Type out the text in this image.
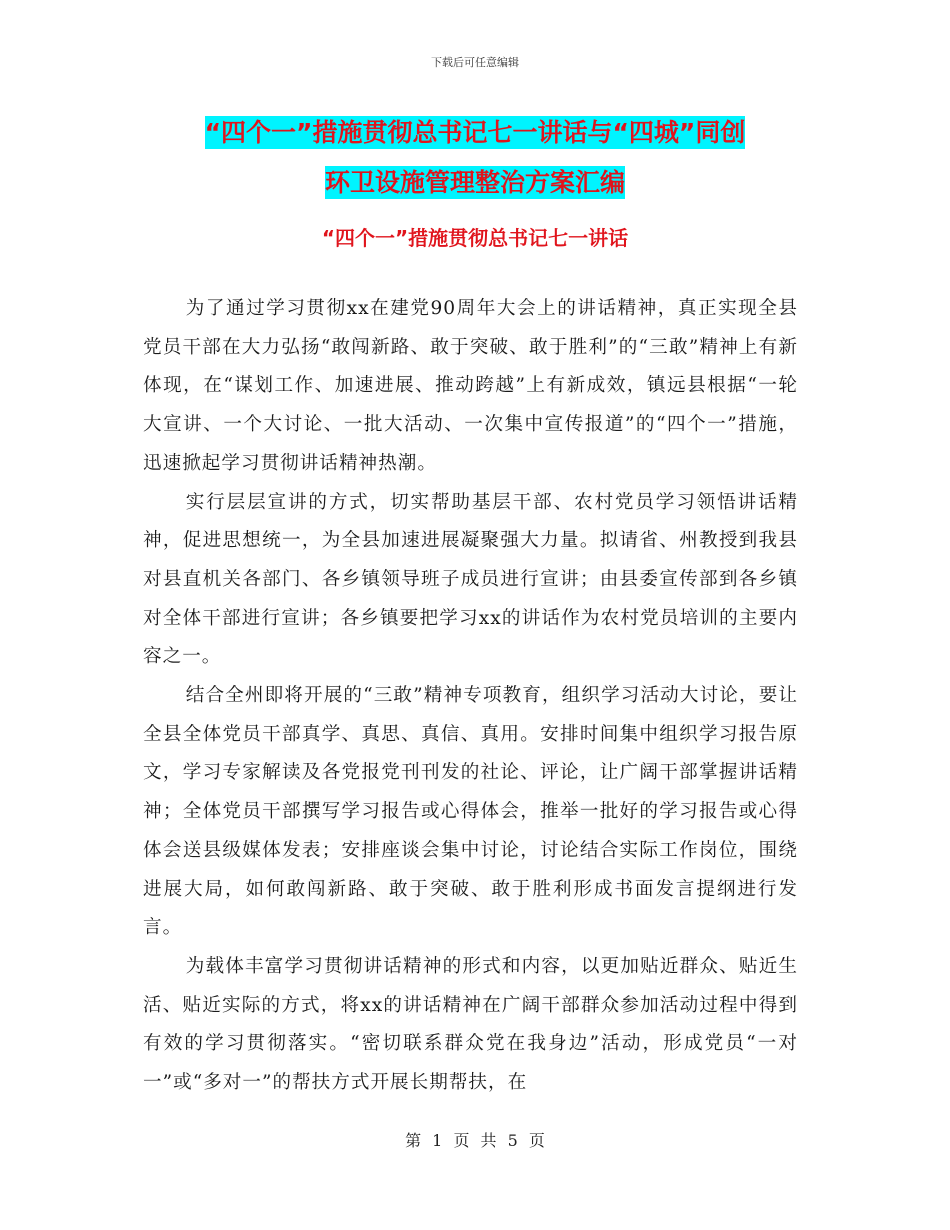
下载后可任意编辑
“四个一”措施贯彻总书记七一讲话与“四城”同创
环卫设施管理整治方案汇编
“四个一”措施贯彻总书记七一讲话

为了通过学习贯彻xx在建党90周年大会上的讲话精神，真正实现全县党员干部在大力弘扬“敢闯新路、敢于突破、敢于胜利”的“三敢”精神上有新体现，在“谋划工作、加速进展、推动跨越”上有新成效，镇远县根据“一轮大宣讲、一个大讨论、一批大活动、一次集中宣传报道”的“四个一”措施，迅速掀起学习贯彻讲话精神热潮。

实行层层宣讲的方式，切实帮助基层干部、农村党员学习领悟讲话精神，促进思想统一，为全县加速进展凝聚强大力量。拟请省、州教授到我县对县直机关各部门、各乡镇领导班子成员进行宣讲；由县委宣传部到各乡镇对全体干部进行宣讲；各乡镇要把学习xx的讲话作为农村党员培训的主要内容之一。

结合全州即将开展的“三敢”精神专项教育，组织学习活动大讨论，要让全县全体党员干部真学、真思、真信、真用。安排时间集中组织学习报告原文，学习专家解读及各党报党刊刊发的社论、评论，让广阔干部掌握讲话精神；全体党员干部撰写学习报告或心得体会，推举一批好的学习报告或心得体会送县级媒体发表；安排座谈会集中讨论，讨论结合实际工作岗位，围绕进展大局，如何敢闯新路、敢于突破、敢于胜利形成书面发言提纲进行发言。

为载体丰富学习贯彻讲话精神的形式和内容，以更加贴近群众、贴近生活、贴近实际的方式，将xx的讲话精神在广阔干部群众参加活动过程中得到有效的学习贯彻落实。“密切联系群众党在我身边”活动，形成党员“一对一”或“多对一”的帮扶方式开展长期帮扶，在

第 1 页 共 5 页
